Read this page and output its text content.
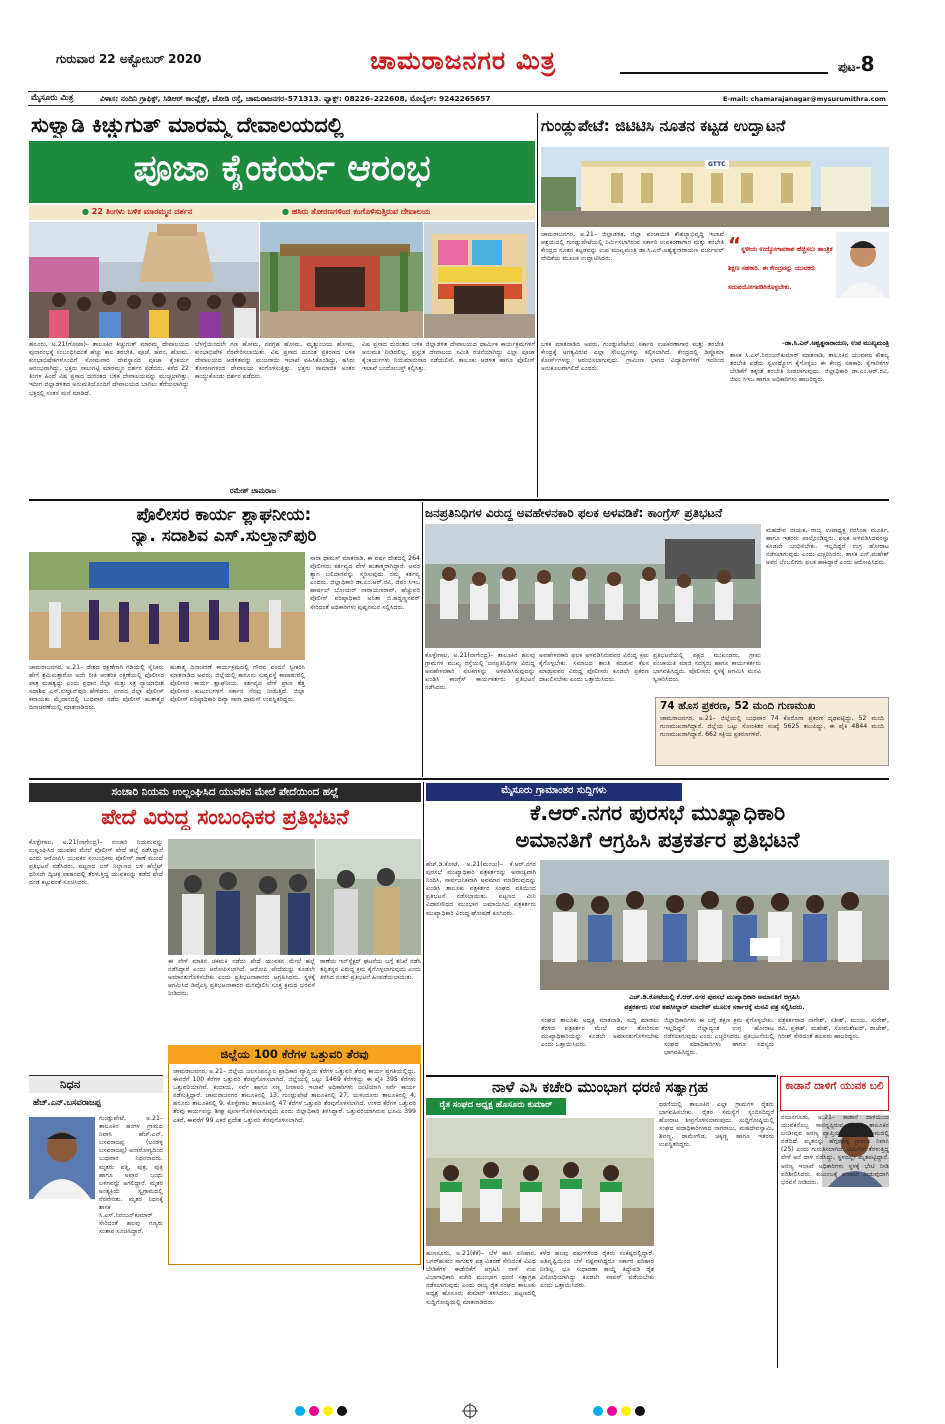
ಗುರುವಾರ 22 ಅಕ್ಟೋಬರ್ 2020	ಚಾಮರಾಜನಗರ ಮಿತ್ರ	ಪುಟ-8
ಮೈಸೂರು ಮಿತ್ರ	ವಿಳಾಸ: ನಂದಿನಿ ಗ್ರಾಫಿಕ್ಸ್, ಸಿಡಿಆರ್ ಕಾಂಪ್ಲೆಕ್ಸ್, ಜೋಡಿ ರಸ್ತೆ, ಚಾಮರಾಜನಗರ–571313. ಫ್ಯಾಕ್ಸ್: 08226–222608, ಮೊಬೈಲ್: 9242265657	E-mail: chamarajanagar@mysurumithra.com
ಸುಳ್ವಾಡಿ ಕಿಚ್ಚುಗುತ್ ಮಾರಮ್ಮ ದೇವಾಲಯದಲ್ಲಿ
ಪೂಜಾ ಕೈಂಕರ್ಯ ಆರಂಭ
● 22 ತಿಂಗಳು ಬಳಿಕ ಮಾರಮ್ಮನ ದರ್ಶನ	● ಹಸಿರು ತೋರಣಗಳಿಂದ ಕಂಗೊಳಿಸುತ್ತಿರುವ ದೇವಾಲಯ
ಹನೂರು, ಅ.21(ಗೋಪಾ)– ತಾಲೂಕಿನ ಕಿಚ್ಚುಗುತ್ ಮಾರಮ್ಮ ದೇವಾಲಯದ ಪುನಾರಂಭಕ್ಕೆ ಸಂಬಂಧಿಸಿದಂತೆ ಹೆಚ್ಚು ಕಾಲ ತರಬೇತಿ, ಪೂಜೆ, ಹವನ, ಹೋಮ, ಕುಂಭಾಭಿಷೇಕಗಳೊಂದಿಗೆ ಸೋಮವಾರ ದೇವಸ್ಥಾನದ ಪೂಜಾ ಕೈಂಕರ್ಯ ಆರಂಭವಾಗಿದ್ದು, ಭಕ್ತರು ಸಾಲುಗಟ್ಟಿ ಮಾರಮ್ಮನ ದರ್ಶನ ಪಡೆದರು. ಕಳೆದ 22 ತಿಂಗಳ ಹಿಂದೆ ವಿಷ ಪ್ರಸಾದ ದುರಂತದ ಬಳಿಕ ದೇವಾಲಯವನ್ನು ಮುಚ್ಚಲಾಗಿತ್ತು. ಇದೀಗ ಜಿಲ್ಲಾಡಳಿತದ ಅನುಮತಿಯೊಂದಿಗೆ ದೇವಾಲಯದ ಬಾಗಿಲು ತೆರೆಯಲಾಗಿದ್ದು ಭಕ್ತರಲ್ಲಿ ಸಂತಸ ಮನೆ ಮಾಡಿದೆ.
ಬೆಳಗ್ಗೆಯಿಂದಲೇ ಗಣ ಹೋಮ, ನವಗ್ರಹ ಹೋಮ, ಮೃತ್ಯುಂಜಯ ಹೋಮ, ಕುಂಭಾಭಿಷೇಕ ನೆರವೇರಿಸಲಾಯಿತು. ವಿಷ ಪ್ರಸಾದ ದುರಂತ ಪ್ರಕರಣದ ಬಳಿಕ ದೇವಾಲಯದ ಆಡಳಿತವನ್ನು ಮುಜರಾಯಿ ಇಲಾಖೆ ವಹಿಸಿಕೊಂಡಿದ್ದು, ಹಸಿರು ತೋರಣಗಳಿಂದ ದೇವಾಲಯ ಕಂಗೊಳಿಸುತ್ತಿತ್ತು. ಭಕ್ತರು ಸಾಮಾಜಿಕ ಅಂತರ ಕಾಯ್ದುಕೊಂಡು ದರ್ಶನ ಪಡೆದರು.
ರಮೇಶ್ ಚಾಮರಾಜ
ವಿಷ ಪ್ರಸಾದ ದುರಂತದ ಬಳಿಕ ಜಿಲ್ಲಾಡಳಿತ ದೇವಾಲಯದ ಧಾರ್ಮಿಕ ಕಾರ್ಯಕ್ರಮಗಳಿಗೆ ಅನುಮತಿ ನೀಡಿರಲಿಲ್ಲ. ಪ್ರಸ್ತುತ ದೇವಾಲಯ ಸಮಿತಿ ರಚನೆಯಾಗಿದ್ದು ಎಲ್ಲಾ ಪೂಜಾ ಕೈಂಕರ್ಯಗಳು ನಿಯಮಾನುಸಾರ ನಡೆಯಲಿವೆ. ತಾಲೂಕು ಆಡಳಿತ ಹಾಗೂ ಪೊಲೀಸ್ ಇಲಾಖೆ ಬಂದೋಬಸ್ತ್ ಕಲ್ಪಿಸಿತ್ತು.
ಗುಂಡ್ಲುಪೇಟೆ: ಜಿಟಿಟಿಸಿ ನೂತನ ಕಟ್ಟಡ ಉದ್ಘಾಟನೆ
GTTC
ಚಾಮರಾಜನಗರ, ಅ.21– ಜಿಲ್ಲಾಡಳಿತ, ಜಿಲ್ಲಾ ಪಂಚಾಯಿತಿ ಕೌಶಲ್ಯಾಭಿವೃದ್ಧಿ ಇಲಾಖೆ ಆಶ್ರಯದಲ್ಲಿ ಗುಂಡ್ಲುಪೇಟೆಯಲ್ಲಿ ನಿರ್ಮಿಸಲಾಗಿರುವ ಸರ್ಕಾರಿ ಉಪಕರಣಾಗಾರ ಮತ್ತು ತರಬೇತಿ ಕೇಂದ್ರದ ನೂತನ ಕಟ್ಟಡವನ್ನು ಉಪ ಮುಖ್ಯಮಂತ್ರಿ ಡಾ.ಸಿ.ಎನ್.ಅಶ್ವತ್ಥನಾರಾಯಣ ವರ್ಚುವಲ್ ವೇದಿಕೆಯ ಮೂಲಕ ಉದ್ಘಾಟಿಸಿದರು.
“ ಸ್ಥಳೀಯ ಉದ್ಯೋಗಾವಕಾಶ ಹೆಚ್ಚಿಸಲು ತಾಂತ್ರಿಕ ಶಿಕ್ಷಣ ಸಹಕಾರಿ. ಈ ಕೇಂದ್ರವನ್ನು ಯುವಕರು ಸದುಪಯೋಗಪಡಿಸಿಕೊಳ್ಳಬೇಕು.
–ಡಾ.ಸಿ.ಎನ್.ಅಶ್ವತ್ಥನಾರಾಯಣ, ಉಪ ಮುಖ್ಯಮಂತ್ರಿ
ಬಳಿಕ ಮಾತನಾಡಿದ ಅವರು, ಗುಂಡ್ಲುಪೇಟೆಯ ಸರ್ಕಾರಿ ಉಪಕರಣಾಗಾರ ಮತ್ತು ತರಬೇತಿ ಕೇಂದ್ರಕ್ಕೆ ಅಗತ್ಯವಿರುವ ಎಲ್ಲಾ ಸೌಲಭ್ಯಗಳನ್ನು ಕಲ್ಪಿಸಲಾಗಿದೆ. ಕೇಂದ್ರದಲ್ಲಿ ಡಿಪ್ಲೊಮಾ ಕೋರ್ಸ್‌ಗಳನ್ನು ಆರಂಭಿಸಲಾಗುವುದು. ಗ್ರಾಮೀಣ ಭಾಗದ ವಿದ್ಯಾರ್ಥಿಗಳಿಗೆ ಇದರಿಂದ ಅನುಕೂಲವಾಗಲಿದೆ ಎಂದರು.
ಶಾಸಕ ಸಿ.ಎಸ್.ನಿರಂಜನ್‌ಕುಮಾರ್ ಮಾತನಾಡಿ, ತಾಲೂಕಿನ ಯುವಕರು ಕೌಶಲ್ಯ ತರಬೇತಿ ಪಡೆದು ಸ್ವಉದ್ಯೋಗ ಕೈಗೊಳ್ಳಲು ಈ ಕೇಂದ್ರ ಸಹಕಾರಿ. ಕೈಗಾರಿಕೆಗಳ ಬೇಡಿಕೆಗೆ ತಕ್ಕಂತೆ ತರಬೇತಿ ನೀಡಲಾಗುವುದು. ಜಿಲ್ಲಾಧಿಕಾರಿ ಡಾ.ಎಂ.ಆರ್.ರವಿ, ಜಿಪಂ ಸಿಇಒ ಹಾಗೂ ಅಧಿಕಾರಿಗಳು ಹಾಜರಿದ್ದರು.
ಪೊಲೀಸರ ಕಾರ್ಯ ಶ್ಲಾಘನೀಯ:
ನ್ಯಾ. ಸದಾಶಿವ ಎಸ್.ಸುಲ್ತಾನ್‌ಪುರಿ
ಚಾಮರಾಜನಗರ, ಅ.21– ದೇಶದ ರಕ್ಷಣೆಗಾಗಿ ಗಡಿಯಲ್ಲಿ ಸೈನಿಕರು ಹೇಗೆ ಶ್ರಮಿಸುತ್ತಾರೋ ಅದೇ ರೀತಿ ಆಂತರಿಕ ರಕ್ಷಣೆಯಲ್ಲಿ ಪೊಲೀಸರ ಪಾತ್ರ ಮಹತ್ವದ್ದು ಎಂದು ಪ್ರಧಾನ ಜಿಲ್ಲಾ ಮತ್ತು ಸತ್ರ ನ್ಯಾಯಾಧೀಶ ಸದಾಶಿವ ಎಸ್.ಸುಲ್ತಾನ್‌ಪುರಿ ಹೇಳಿದರು. ನಗರದ ಜಿಲ್ಲಾ ಪೊಲೀಸ್ ಕವಾಯತು ಮೈದಾನದಲ್ಲಿ ಬುಧವಾರ ನಡೆದ ಪೊಲೀಸ್ ಹುತಾತ್ಮರ ದಿನಾಚರಣೆಯಲ್ಲಿ ಮಾತನಾಡಿದರು.
ಹುತಾತ್ಮ ದಿನಾಚರಣೆ ಕಾರ್ಯಕ್ರಮದಲ್ಲಿ ಗೌರವ ವಂದನೆ ಸ್ವೀಕರಿಸಿ ಮಾತನಾಡಿದ ಅವರು, ಜಿಲ್ಲೆಯಲ್ಲಿ ಕಾನೂನು ಸುವ್ಯವಸ್ಥೆ ಕಾಪಾಡುವಲ್ಲಿ ಪೊಲೀಸರ ಕಾರ್ಯ ಶ್ಲಾಘನೀಯ. ಕರ್ತವ್ಯದ ವೇಳೆ ಪ್ರಾಣ ತೆತ್ತ ಪೊಲೀಸರ ಕುಟುಂಬಗಳಿಗೆ ಸರ್ಕಾರ ನೆರವು ನೀಡುತ್ತಿದೆ. ಜಿಲ್ಲಾ ಪೊಲೀಸ್ ವರಿಷ್ಠಾಧಿಕಾರಿ ದಿವ್ಯಾ ಸಾರಾ ಥಾಮಸ್ ಉಪಸ್ಥಿತರಿದ್ದರು.
ಸಾರಾ ಥಾಮಸ್ ಮಾತನಾಡಿ, ಈ ವರ್ಷ ದೇಶದಲ್ಲಿ 264 ಪೊಲೀಸರು ಕರ್ತವ್ಯದ ವೇಳೆ ಹುತಾತ್ಮರಾಗಿದ್ದಾರೆ. ಅವರ ತ್ಯಾಗ ಬಲಿದಾನವನ್ನು ಸ್ಮರಿಸುವುದು ನಮ್ಮ ಕರ್ತವ್ಯ ಎಂದರು. ಜಿಲ್ಲಾಧಿಕಾರಿ ಡಾ.ಎಂ.ಆರ್.ರವಿ, ಜಿಪಂ ಸಿಇಒ ಹಾರ್ಷಲ್ ಬೋಯರ್ ನಾರಾಯಣರಾವ್, ಹೆಚ್ಚುವರಿ ಪೊಲೀಸ್ ವರಿಷ್ಠಾಧಿಕಾರಿ ಅನಿತಾ ಬಿ.ಹದ್ದಣ್ಣನವರ್ ಸೇರಿದಂತೆ ಅಧಿಕಾರಿಗಳು ಪುಷ್ಪನಮನ ಸಲ್ಲಿಸಿದರು.
ಜನಪ್ರತಿನಿಧಿಗಳ ವಿರುದ್ಧ ಅವಹೇಳನಕಾರಿ ಫಲಕ ಅಳವಡಿಕೆ: ಕಾಂಗ್ರೆಸ್ ಪ್ರತಿಭಟನೆ
ಕೊಳ್ಳೇಗಾಲ, ಅ.21(ನಾಗೇಂದ್ರ)– ತಾಲೂಕಿನ ಹಲವು ಗ್ರಾಮಗಳ ಮುಖ್ಯ ರಸ್ತೆಯಲ್ಲಿ ಜನಪ್ರತಿನಿಧಿಗಳ ವಿರುದ್ಧ ಅವಹೇಳನಕಾರಿ ಫಲಕಗಳನ್ನು ಅಳವಡಿಸಿರುವುದನ್ನು ಖಂಡಿಸಿ ಕಾಂಗ್ರೆಸ್ ಕಾರ್ಯಕರ್ತರು ಪ್ರತಿಭಟನೆ ನಡೆಸಿದರು.
ಅವಹೇಳನಕಾರಿ ಫಲಕ ಅಳವಡಿಸಿರುವವರ ವಿರುದ್ಧ ಕ್ರಮ ಕೈಗೊಳ್ಳಬೇಕು. ಸಮಾಜದ ಶಾಂತಿ ಕದಡುವ ಕೆಲಸ ಮಾಡುವವರ ವಿರುದ್ಧ ಪೊಲೀಸರು ಕೂಡಲೇ ಪ್ರಕರಣ ದಾಖಲಿಸಬೇಕು ಎಂದು ಒತ್ತಾಯಿಸಿದರು.
ಪ್ರತಿಭಟನೆಯಲ್ಲಿ ಪಕ್ಷದ ಮುಖಂಡರು, ಗ್ರಾಮ ಪಂಚಾಯಿತಿ ಮಾಜಿ ಸದಸ್ಯರು ಹಾಗೂ ಕಾರ್ಯಕರ್ತರು ಭಾಗವಹಿಸಿದ್ದರು. ಪೊಲೀಸರು ಸ್ಥಳಕ್ಕೆ ಆಗಮಿಸಿ ಮನವಿ ಸ್ವೀಕರಿಸಿದರು.
ಮಹದೇವ ನಾಯಕ, ರಾಜ್ಯ ಉಪಾಧ್ಯಕ್ಷ ನರಸಿಂಹ ಮೂರ್ತಿ, ಹಾಗೂ ಇತರರು ಪಾಲ್ಗೊಂಡಿದ್ದರು. ಫಲಕ ಅಳವಡಿಸಿದವರನ್ನು ಕೂಡಲೇ ಬಂಧಿಸಬೇಕು. ಇಲ್ಲದಿದ್ದರೆ ಉಗ್ರ ಹೋರಾಟ ನಡೆಸಲಾಗುವುದು ಎಂದು ಎಚ್ಚರಿಸಿದರು. ಶಾಸಕ ಎನ್.ಮಹೇಶ್ ಅವರ ಬೆಂಬಲಿಗರು ಫಲಕ ಹಾಕಿದ್ದಾರೆ ಎಂದು ಆರೋಪಿಸಿದರು.
74 ಹೊಸ ಪ್ರಕರಣ, 52 ಮಂದಿ ಗುಣಮುಖ
ಚಾಮರಾಜನಗರ, ಅ.21– ಜಿಲ್ಲೆಯಲ್ಲಿ ಬುಧವಾರ 74 ಕೊರೊನಾ ಪ್ರಕರಣ ದೃಢಪಟ್ಟಿದ್ದು, 52 ಮಂದಿ ಗುಣಮುಖರಾಗಿದ್ದಾರೆ. ಜಿಲ್ಲೆಯ ಒಟ್ಟು ಸೋಂಕಿತರ ಸಂಖ್ಯೆ 5625 ತಲುಪಿದ್ದು, ಈ ಪೈಕಿ 4844 ಮಂದಿ ಗುಣಮುಖರಾಗಿದ್ದಾರೆ. 662 ಸಕ್ರಿಯ ಪ್ರಕರಣಗಳಿವೆ.
ಸಂಚಾರಿ ನಿಯಮ ಉಲ್ಲಂಘಿಸಿದ ಯುವಕನ ಮೇಲೆ ಪೇದೆಯಿಂದ ಹಲ್ಲೆ
ಪೇದೆ ವಿರುದ್ಧ ಸಂಬಂಧಿಕರ ಪ್ರತಿಭಟನೆ
ಕೊಳ್ಳೇಗಾಲ, ಅ.21(ನಾಗೇಂದ್ರ)– ಸಂಚಾರಿ ನಿಯಮವನ್ನು ಉಲ್ಲಂಘಿಸಿದ ಯುವಕನ ಮೇಲೆ ಪೊಲೀಸ್ ಪೇದೆ ಹಲ್ಲೆ ನಡೆಸಿದ್ದಾನೆ ಎಂದು ಆರೋಪಿಸಿ ಯುವಕನ ಸಂಬಂಧಿಕರು ಪೊಲೀಸ್ ಠಾಣೆ ಮುಂದೆ ಪ್ರತಿಭಟನೆ ನಡೆಸಿದರು. ಪಟ್ಟಣದ ಬಸ್ ನಿಲ್ದಾಣದ ಬಳಿ ಹೆಲ್ಮೆಟ್ ಧರಿಸದೇ ದ್ವಿಚಕ್ರ ವಾಹನದಲ್ಲಿ ತೆರಳುತ್ತಿದ್ದ ಯುವಕನನ್ನು ತಡೆದ ಪೇದೆ ದಂಡ ಕಟ್ಟುವಂತೆ ಸೂಚಿಸಿದರು.
ಈ ವೇಳೆ ಮಾತಿನ ಚಕಮಕಿ ನಡೆದು ಪೇದೆ ಯುವಕನ ಮೇಲೆ ಹಲ್ಲೆ ನಡೆಸಿದ್ದಾರೆ ಎಂದು ಆರೋಪಿಸಲಾಗಿದೆ. ಆರೋಪಿ ಪೇದೆಯನ್ನು ಕೂಡಲೇ ಅಮಾನತುಗೊಳಿಸಬೇಕು ಎಂದು ಪ್ರತಿಭಟನಾಕಾರರು ಆಗ್ರಹಿಸಿದರು. ಸ್ಥಳಕ್ಕೆ ಆಗಮಿಸಿದ ಡಿವೈಎಸ್ಪಿ ಪ್ರತಿಭಟನಾಕಾರರ ಮನವೊಲಿಸಿ ಸೂಕ್ತ ಕ್ರಮದ ಭರವಸೆ ನೀಡಿದರು.
ಠಾಣೆಯ ಇನ್‌ಸ್ಪೆಕ್ಟರ್ ಘಟನೆಯ ಬಗ್ಗೆ ತನಿಖೆ ನಡೆಸಿ ತಪ್ಪಿತಸ್ಥರ ವಿರುದ್ಧ ಕ್ರಮ ಕೈಗೊಳ್ಳಲಾಗುವುದು ಎಂದು ತಿಳಿಸಿದ ನಂತರ ಪ್ರತಿಭಟನೆ ಹಿಂಪಡೆಯಲಾಯಿತು.
ಜಿಲ್ಲೆಯ 100 ಕೆರೆಗಳ ಒತ್ತುವರಿ ತೆರವು
ಚಾಮರಾಜನಗರ, ಅ.21– ಜಿಲ್ಲೆಯ ಜಲಸಂಪನ್ಮೂಲ ಪ್ರಾಧಿಕಾರ ವ್ಯಾಪ್ತಿಯ ಕೆರೆಗಳ ಒತ್ತುವರಿ ತೆರವು ಕಾರ್ಯ ಪ್ರಗತಿಯಲ್ಲಿದ್ದು, ಈವರೆಗೆ 100 ಕೆರೆಗಳ ಒತ್ತುವರಿ ತೆರವುಗೊಳಿಸಲಾಗಿದೆ. ಜಿಲ್ಲೆಯಲ್ಲಿ ಒಟ್ಟು 1469 ಕೆರೆಗಳಿದ್ದು ಈ ಪೈಕಿ 395 ಕೆರೆಗಳು ಒತ್ತುವರಿಯಾಗಿವೆ. ಕಂದಾಯ, ಸರ್ವೆ ಹಾಗೂ ಸಣ್ಣ ನೀರಾವರಿ ಇಲಾಖೆ ಅಧಿಕಾರಿಗಳು ಜಂಟಿಯಾಗಿ ಸರ್ವೆ ಕಾರ್ಯ ನಡೆಸುತ್ತಿದ್ದಾರೆ. ಚಾಮರಾಜನಗರ ತಾಲೂಕಿನಲ್ಲಿ 13, ಗುಂಡ್ಲುಪೇಟೆ ತಾಲೂಕಿನಲ್ಲಿ 27, ಯಳಂದೂರು ತಾಲೂಕಿನಲ್ಲಿ 4, ಹನೂರು ತಾಲೂಕಿನಲ್ಲಿ 9, ಕೊಳ್ಳೇಗಾಲ ತಾಲೂಕಿನಲ್ಲಿ 47 ಕೆರೆಗಳ ಒತ್ತುವರಿ ತೆರವುಗೊಳಿಸಲಾಗಿದೆ. ಉಳಿದ ಕೆರೆಗಳ ಒತ್ತುವರಿ ತೆರವು ಕಾರ್ಯವನ್ನು ಶೀಘ್ರ ಪೂರ್ಣಗೊಳಿಸಲಾಗುವುದು ಎಂದು ಜಿಲ್ಲಾಧಿಕಾರಿ ತಿಳಿಸಿದ್ದಾರೆ. ಒತ್ತುವರಿಯಾಗಿರುವ ಭೂಮಿ 399 ಎಕರೆ, ಈವರೆಗೆ 99 ಎಕರೆ ಪ್ರದೇಶ ಒತ್ತುವರಿ ತೆರವುಗೊಳಿಸಲಾಗಿದೆ.
ನಿಧನ
ಹೆಚ್.ಎನ್.ಬಸವರಾಜಪ್ಪ
ಗುಂಡ್ಲುಪೇಟೆ, ಅ.21– ತಾಲೂಕಿನ ಹಂಗಳ ಗ್ರಾಮದ ನಿವಾಸಿ ಹೆಚ್.ಎನ್. ಬಸವರಾಜಪ್ಪ (ಬಂಡಳ್ಳಿ ಬಸವರಾಜಪ್ಪ) ಅನಾರೋಗ್ಯದಿಂದ ಬುಧವಾರ ನಿಧನರಾದರು. ಮೃತರು ಪತ್ನಿ, ಪುತ್ರ, ಪುತ್ರಿ ಹಾಗೂ ಅಪಾರ ಬಂಧು ಬಳಗವನ್ನು ಅಗಲಿದ್ದಾರೆ. ಮೃತರ ಅಂತ್ಯಕ್ರಿಯೆ ಸ್ವಗ್ರಾಮದಲ್ಲಿ ನೆರವೇರಿತು. ಮೃತರ ನಿಧನಕ್ಕೆ ಶಾಸಕ ಸಿ.ಎಸ್.ನಿರಂಜನ್‌ಕುಮಾರ್ ಸೇರಿದಂತೆ ಹಲವು ಗಣ್ಯರು ಸಂತಾಪ ಸೂಚಿಸಿದ್ದಾರೆ.
ಮೈಸೂರು ಗ್ರಾಮಾಂತರ ಸುದ್ದಿಗಳು
ಕೆ.ಆರ್.ನಗರ ಪುರಸಭೆ ಮುಖ್ಯಾಧಿಕಾರಿ
ಅಮಾನತಿಗೆ ಆಗ್ರಹಿಸಿ ಪತ್ರಕರ್ತರ ಪ್ರತಿಭಟನೆ
ಹೆಚ್.ಡಿ.ಕೋಟೆ, ಅ.21(ಮಂಜು)– ಕೆ.ಆರ್.ನಗರ ಪುರಸಭೆ ಮುಖ್ಯಾಧಿಕಾರಿ ಪತ್ರಕರ್ತರನ್ನು ಅವಾಚ್ಯವಾಗಿ ನಿಂದಿಸಿ, ಸಾರ್ವಜನಿಕವಾಗಿ ಅವಮಾನ ಮಾಡಿರುವುದನ್ನು ಖಂಡಿಸಿ ತಾಲೂಕು ಪತ್ರಕರ್ತರ ಸಂಘದ ವತಿಯಿಂದ ಪ್ರತಿಭಟನೆ ನಡೆಸಲಾಯಿತು. ಪಟ್ಟಣದ ಮಿನಿ ವಿಧಾನಸೌಧದ ಮುಂಭಾಗ ಜಮಾಯಿಸಿದ ಪತ್ರಕರ್ತರು ಮುಖ್ಯಾಧಿಕಾರಿ ವಿರುದ್ಧ ಘೋಷಣೆ ಕೂಗಿದರು.
ಎಚ್.ಡಿ.ಕೋಟೆಯಲ್ಲಿ ಕೆ.ಆರ್.ನಗರ ಪುರಸಭೆ ಮುಖ್ಯಾಧಿಕಾರಿ ಅಮಾನತಿಗೆ ಆಗ್ರಹಿಸಿ
ಪತ್ರಕರ್ತರು ಉಪ ತಹಸೀಲ್ದಾರ್ ಮಾದೇಶ್ ಮೂಲಕ ಸರ್ಕಾರಕ್ಕೆ ಮನವಿ ಪತ್ರ ಸಲ್ಲಿಸಿದರು.
ಸಂಘದ ತಾಲೂಕು ಅಧ್ಯಕ್ಷ ಮಾತನಾಡಿ, ಸುದ್ದಿ ಮಾಡಲು ತೆರಳಿದ ಪತ್ರಕರ್ತನ ಮೇಲೆ ದರ್ಪ ತೋರಿರುವ ಮುಖ್ಯಾಧಿಕಾರಿಯನ್ನು ಕೂಡಲೇ ಅಮಾನತುಗೊಳಿಸಬೇಕು ಎಂದು ಒತ್ತಾಯಿಸಿದರು.
ಜಿಲ್ಲಾಧಿಕಾರಿಗಳು ಈ ಬಗ್ಗೆ ತಕ್ಷಣ ಕ್ರಮ ಕೈಗೊಳ್ಳಬೇಕು. ಇಲ್ಲದಿದ್ದರೆ ಜಿಲ್ಲಾದ್ಯಂತ ಉಗ್ರ ಹೋರಾಟ ನಡೆಸಲಾಗುವುದು ಎಂದು ಎಚ್ಚರಿಸಿದರು. ಪ್ರತಿಭಟನೆಯಲ್ಲಿ ಸಂಘದ ಪದಾಧಿಕಾರಿಗಳು ಹಾಗೂ ಸದಸ್ಯರು ಭಾಗವಹಿಸಿದ್ದರು.
ಪತ್ರಕರ್ತರಾದ ನಾಗೇಶ್, ಸತೀಶ್, ಮಂಜು, ಸುರೇಶ್, ರವಿ, ಪ್ರಕಾಶ್, ಮಹೇಶ್, ಸೋಮಶೇಖರ್, ರಾಜೇಶ್, ಗಿರೀಶ್ ಸೇರಿದಂತೆ ಹಲವರು ಹಾಜರಿದ್ದರು.
ನಾಳೆ ಎಸಿ ಕಚೇರಿ ಮುಂಭಾಗ ಧರಣಿ ಸತ್ಯಾಗ್ರಹ
ರೈತ ಸಂಘದ ಅಧ್ಯಕ್ಷ ಹೊಸೂರು ಕುಮಾರ್
ಹುಣಸೂರು, ಅ.21(ಕೆಕೆ)– ಬೆಳೆ ಹಾನಿ ಪರಿಹಾರ, ಬಗರ್‌ಹುಕುಂ ಸಾಗುವಳಿ ಪತ್ರ ವಿತರಣೆ ಸೇರಿದಂತೆ ವಿವಿಧ ಬೇಡಿಕೆಗಳ ಈಡೇರಿಕೆಗೆ ಆಗ್ರಹಿಸಿ ನಾಳೆ ಉಪ ವಿಭಾಗಾಧಿಕಾರಿ ಕಚೇರಿ ಮುಂಭಾಗ ಧರಣಿ ಸತ್ಯಾಗ್ರಹ ನಡೆಸಲಾಗುವುದು ಎಂದು ರಾಜ್ಯ ರೈತ ಸಂಘದ ತಾಲೂಕು ಅಧ್ಯಕ್ಷ ಹೊಸೂರು ಕುಮಾರ್ ತಿಳಿಸಿದರು. ಪಟ್ಟಣದಲ್ಲಿ ಸುದ್ದಿಗೋಷ್ಠಿಯಲ್ಲಿ ಮಾತನಾಡಿದರು.
ಕಳೆದ ಹಲವು ವರ್ಷಗಳಿಂದ ರೈತರು ಸಂಕಷ್ಟದಲ್ಲಿದ್ದಾರೆ. ಅತಿವೃಷ್ಟಿಯಿಂದ ಬೆಳೆ ನಷ್ಟವಾಗಿದ್ದರೂ ಸರ್ಕಾರ ಪರಿಹಾರ ನೀಡಿಲ್ಲ. ಭೂ ಸುಧಾರಣಾ ಕಾಯ್ದೆ ತಿದ್ದುಪಡಿ ರೈತ ವಿರೋಧಿಯಾಗಿದ್ದು ಕೂಡಲೇ ವಾಪಸ್ ಪಡೆಯಬೇಕು ಎಂದು ಒತ್ತಾಯಿಸಿದರು.
ಧರಣಿಯಲ್ಲಿ ತಾಲೂಕಿನ ಎಲ್ಲಾ ಗ್ರಾಮಗಳ ರೈತರು ಭಾಗವಹಿಸಬೇಕು. ರೈತರ ಸಮಸ್ಯೆಗೆ ಸ್ಪಂದಿಸದಿದ್ದರೆ ಹೋರಾಟ ತೀವ್ರಗೊಳಿಸಲಾಗುವುದು. ಸುದ್ದಿಗೋಷ್ಠಿಯಲ್ಲಿ ಸಂಘದ ಪದಾಧಿಕಾರಿಗಳಾದ ನಾಗರಾಜು, ಮಹದೇವಸ್ವಾಮಿ, ಶಿವಣ್ಣ, ರಾಮೇಗೌಡ, ಚಿಕ್ಕಣ್ಣ ಹಾಗೂ ಇತರರು ಉಪಸ್ಥಿತರಿದ್ದರು.
ಕಾಡಾನೆ ದಾಳಿಗೆ ಯುವಕ ಬಲಿ
ನಂಜನಗೂಡು, ಅ.21– ಕಾಡಾನೆ ದಾಳಿಯಿಂದ ಯುವಕನೊಬ್ಬ ಸಾವನ್ನಪ್ಪಿರುವ ಘಟನೆ ತಾಲೂಕಿನ ಬಂಡೀಪುರ ಅರಣ್ಯ ವ್ಯಾಪ್ತಿಯ ಕಾಡಂಚಿನ ಗ್ರಾಮದಲ್ಲಿ ನಡೆದಿದೆ. ಮೃತನನ್ನು ಹೆಗ್ಗಡಹಳ್ಳಿ ಗ್ರಾಮದ ನಿವಾಸಿ (25) ಎಂದು ಗುರುತಿಸಲಾಗಿದೆ. ಜಮೀನಿಗೆ ತೆರಳುತ್ತಿದ್ದ ವೇಳೆ ಆನೆ ದಾಳಿ ನಡೆಸಿದ್ದು, ಸ್ಥಳದಲ್ಲೇ ಮೃತಪಟ್ಟಿದ್ದಾನೆ. ಅರಣ್ಯ ಇಲಾಖೆ ಅಧಿಕಾರಿಗಳು ಸ್ಥಳಕ್ಕೆ ಭೇಟಿ ನೀಡಿ ಪರಿಶೀಲಿಸಿದರು. ಕುಟುಂಬಕ್ಕೆ ಪರಿಹಾರ ನೀಡುವುದಾಗಿ ಭರವಸೆ ನೀಡಿದರು.
